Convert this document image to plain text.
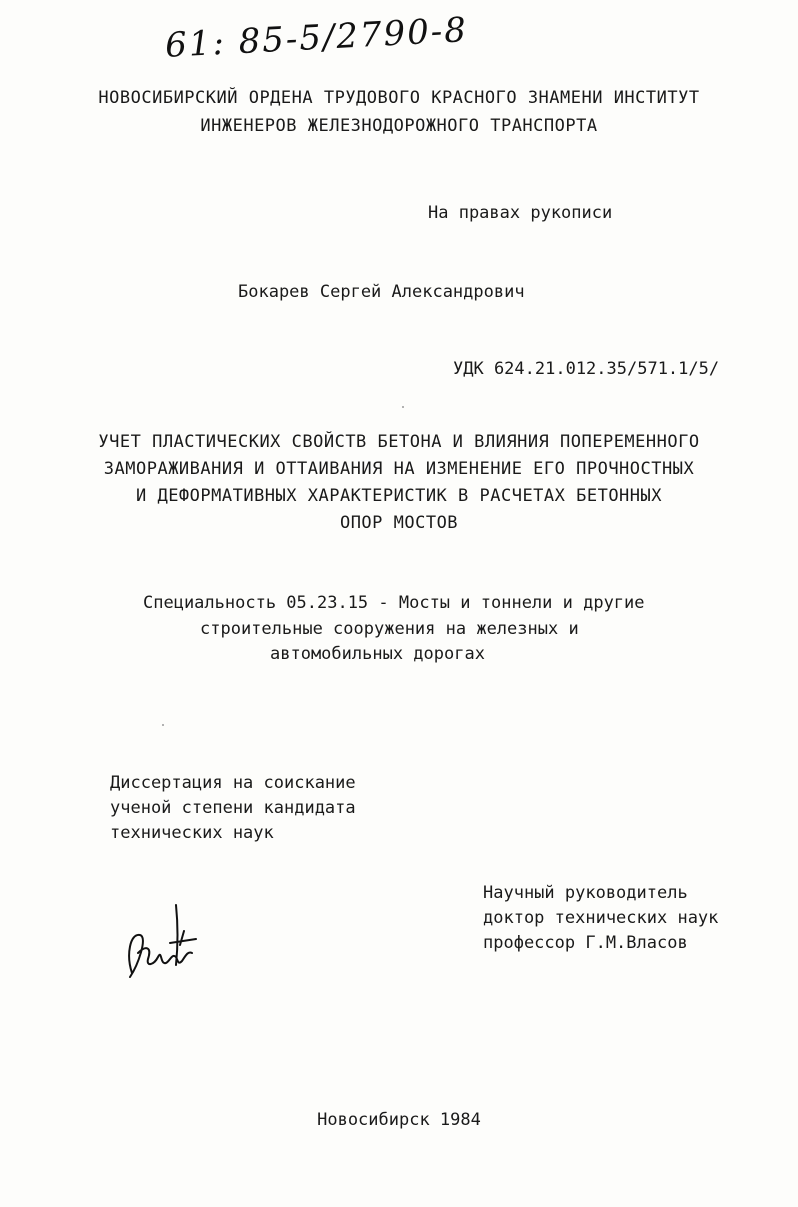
61: 85-5/2790-8
НОВОСИБИРСКИЙ ОРДЕНА ТРУДОВОГО КРАСНОГО ЗНАМЕНИ ИНСТИТУТ
ИНЖЕНЕРОВ ЖЕЛЕЗНОДОРОЖНОГО ТРАНСПОРТА
На правах рукописи
Бокарев Сергей Александрович
УДК 624.21.012.35/571.1/5/
УЧЕТ ПЛАСТИЧЕСКИХ СВОЙСТВ БЕТОНА И ВЛИЯНИЯ ПОПЕРЕМЕННОГО
ЗАМОРАЖИВАНИЯ И ОТТАИВАНИЯ НА ИЗМЕНЕНИЕ ЕГО ПРОЧНОСТНЫХ
И ДЕФОРМАТИВНЫХ ХАРАКТЕРИСТИК В РАСЧЕТАХ БЕТОННЫХ
ОПОР МОСТОВ
Специальность 05.23.15 - Мосты и тоннели и другие
строительные сооружения на железных и
автомобильных дорогах
Диссертация на соискание
ученой степени кандидата
технических наук
Научный руководитель
доктор технических наук
профессор Г.М.Власов
Новосибирск 1984
